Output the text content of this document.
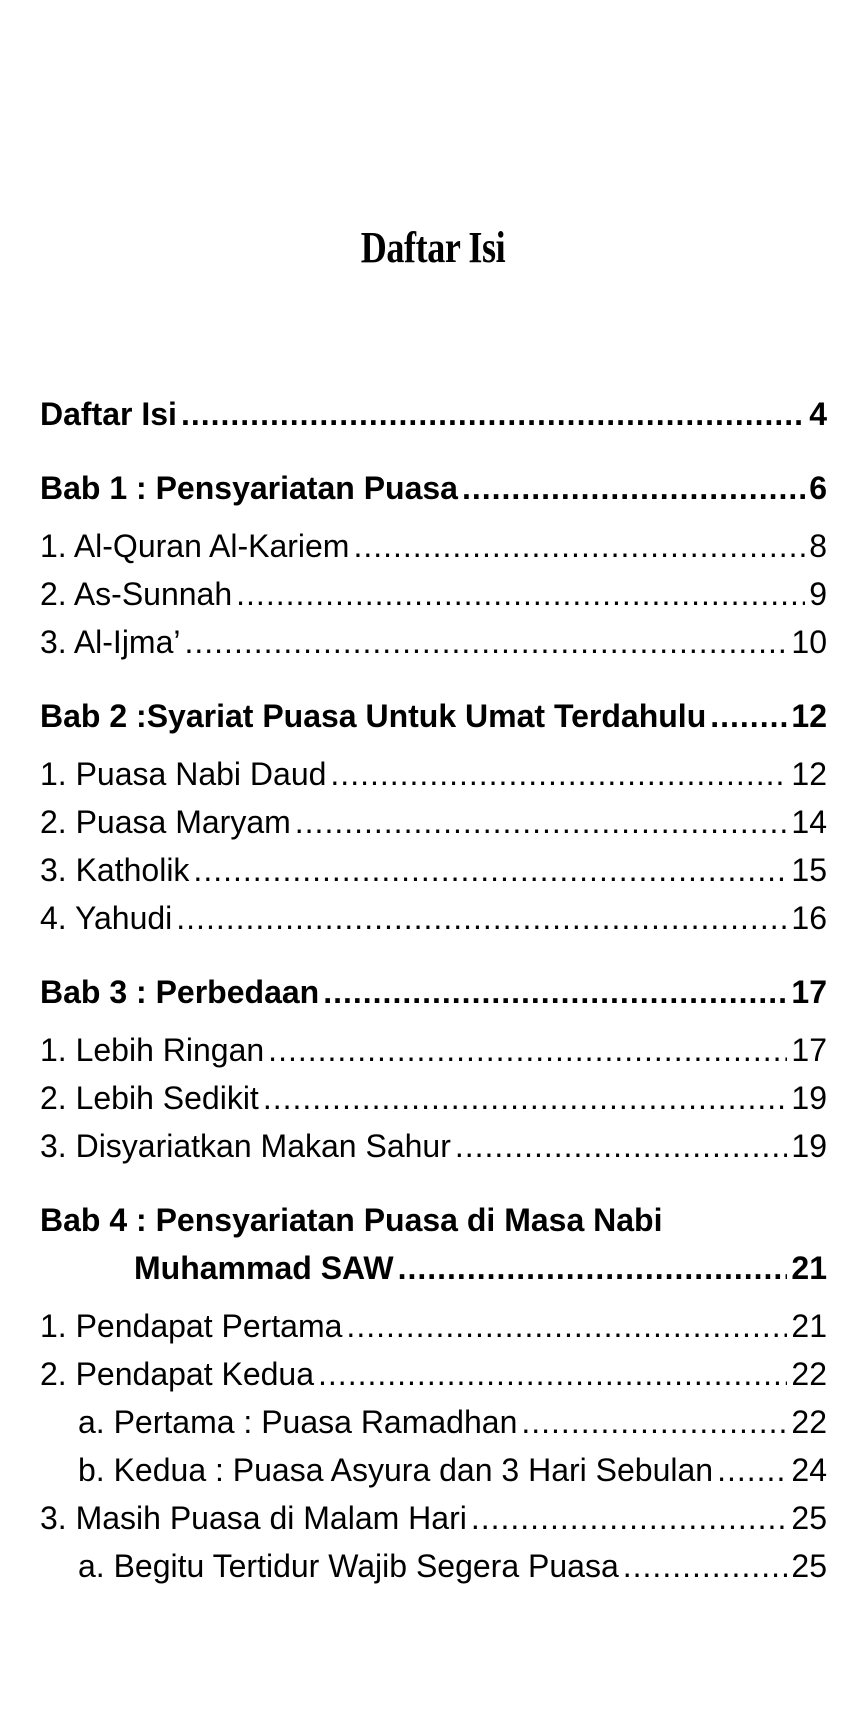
Daftar Isi
Daftar Isi .....	4
Bab 1 : Pensyariatan Puasa .....	6
1. Al-Quran Al-Kariem .....	8
2. As-Sunnah .....	9
3. Al-Ijma’ .....	10
Bab 2 :Syariat Puasa Untuk Umat Terdahulu .....	12
1. Puasa Nabi Daud .....	12
2. Puasa Maryam .....	14
3. Katholik .....	15
4. Yahudi .....	16
Bab 3 : Perbedaan .....	17
1. Lebih Ringan .....	17
2. Lebih Sedikit .....	19
3. Disyariatkan Makan Sahur .....	19
Bab 4 : Pensyariatan Puasa di Masa Nabi
Muhammad SAW .....	21
1. Pendapat Pertama .....	21
2. Pendapat Kedua .....	22
a. Pertama : Puasa Ramadhan .....	22
b. Kedua : Puasa Asyura dan 3 Hari Sebulan ..... 24
3. Masih Puasa di Malam Hari .....	25
a. Begitu Tertidur Wajib Segera Puasa .....	25
